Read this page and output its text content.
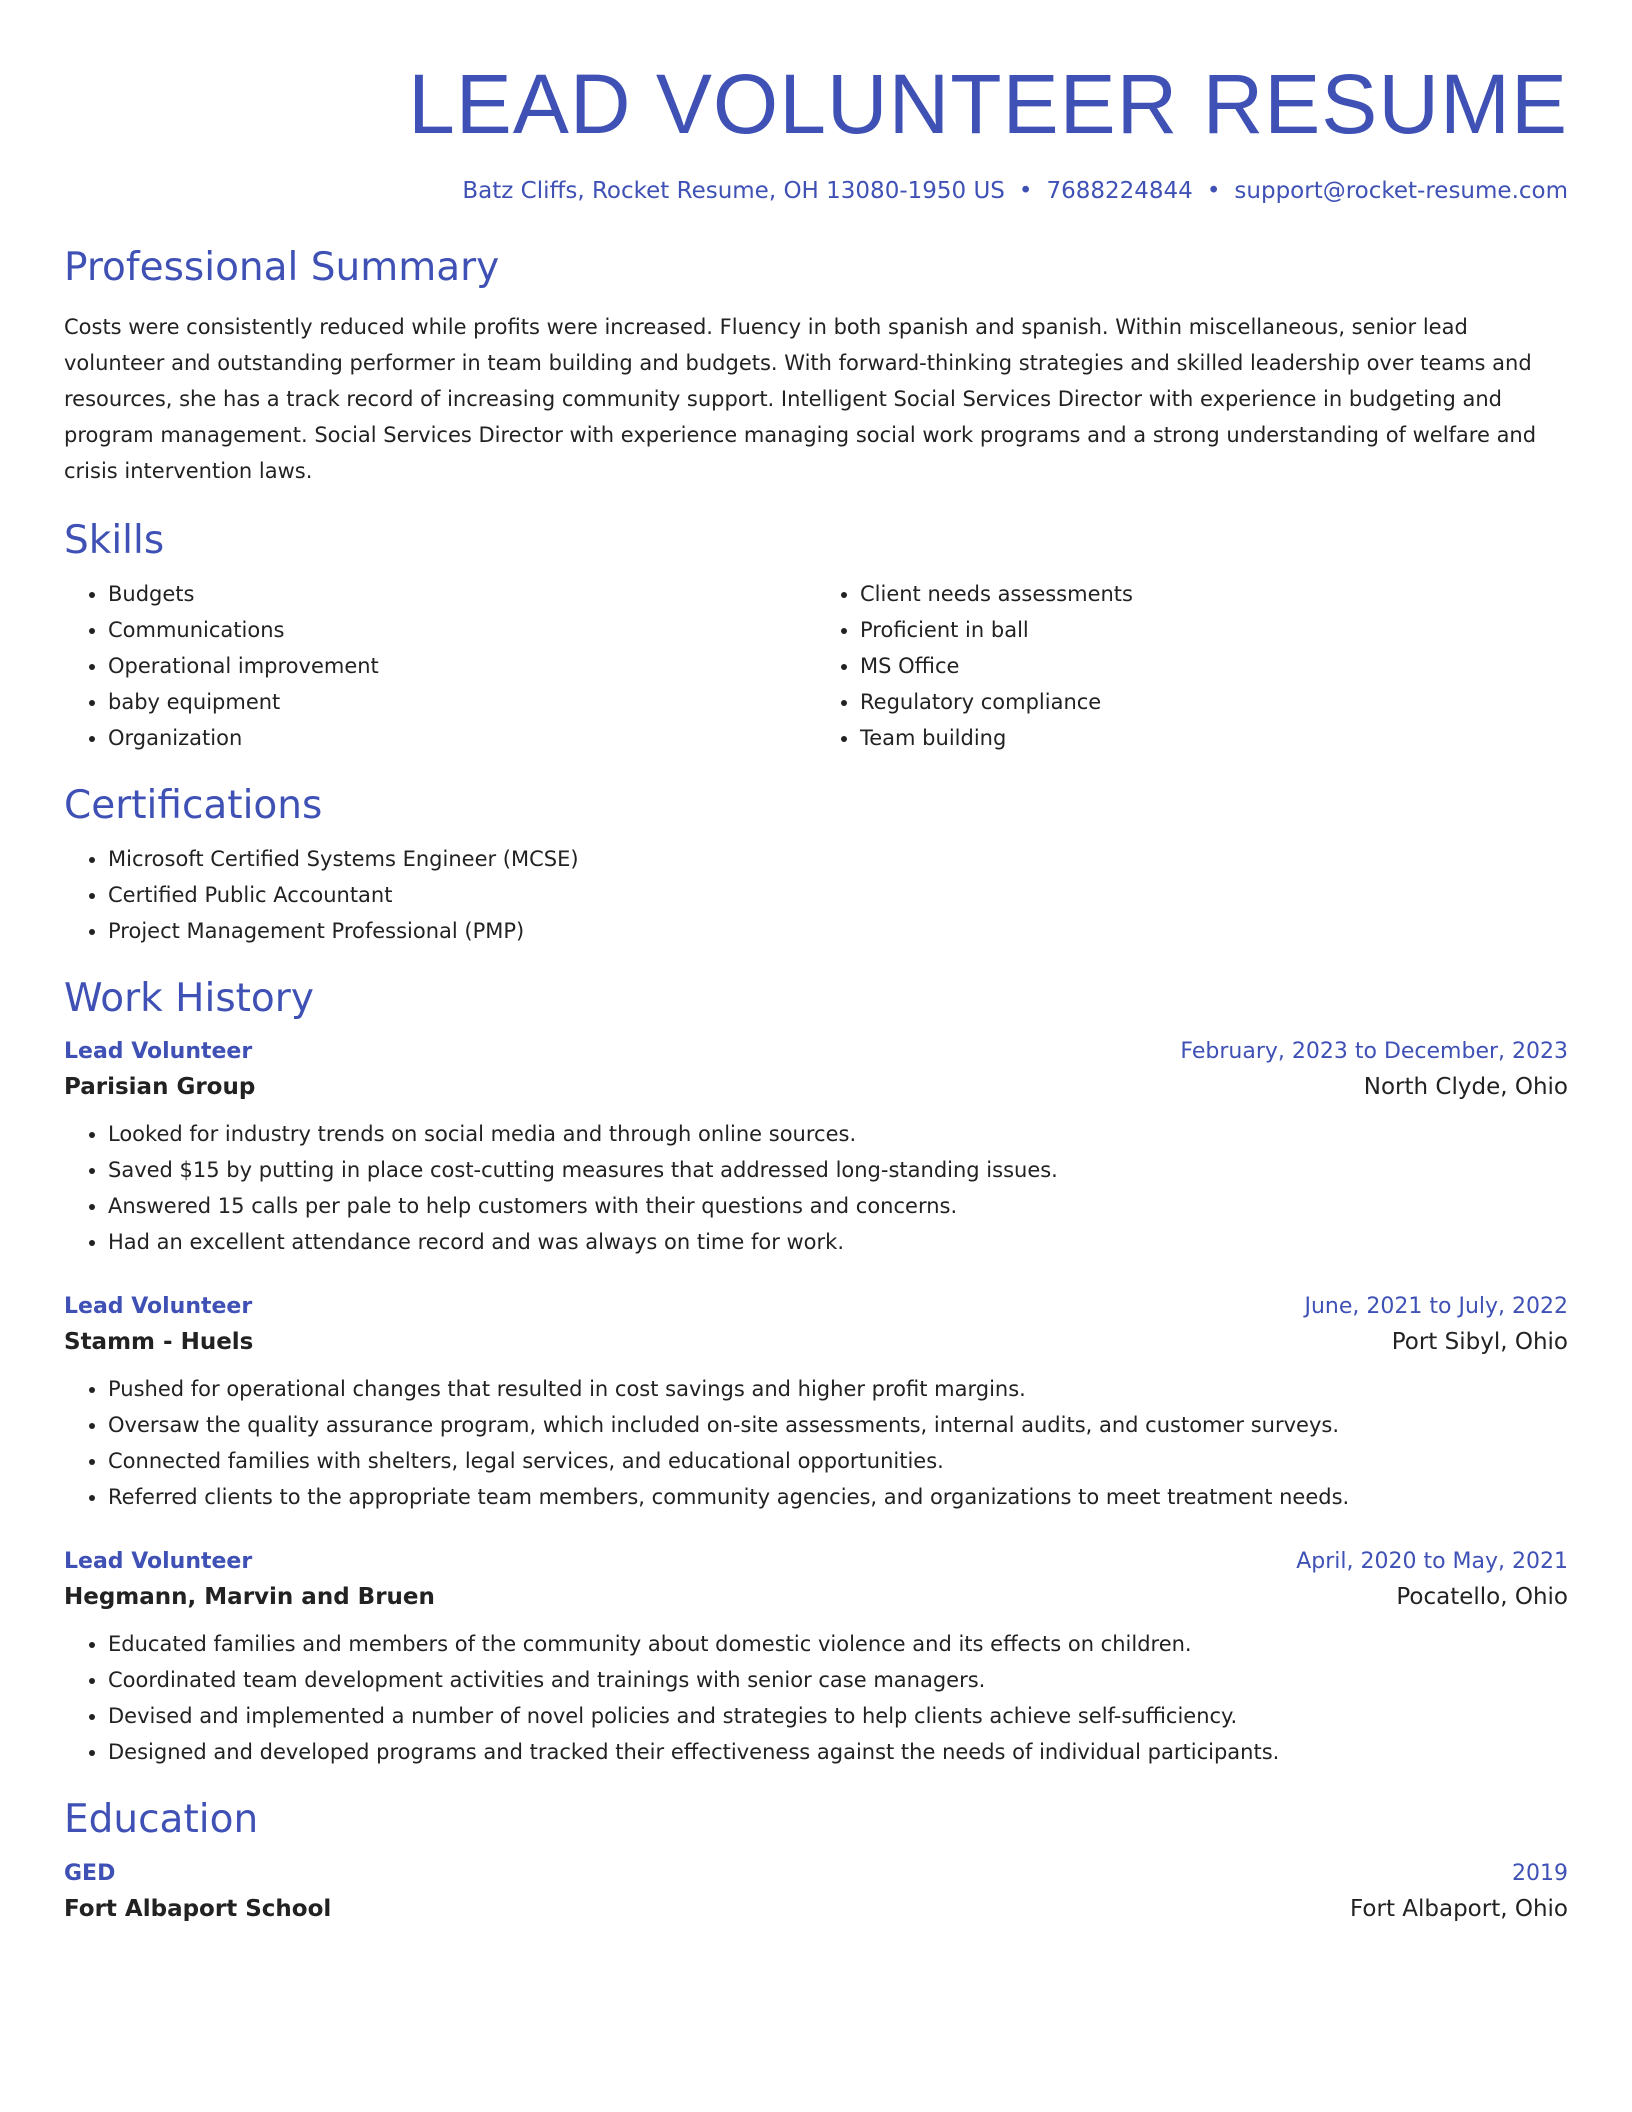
LEAD VOLUNTEER RESUME
Batz Cliffs, Rocket Resume, OH 13080-1950 US • 7688224844 • support@rocket-resume.com
Professional Summary

Costs were consistently reduced while profits were increased. Fluency in both spanish and spanish. Within miscellaneous, senior lead volunteer and outstanding performer in team building and budgets. With forward-thinking strategies and skilled leadership over teams and resources, she has a track record of increasing community support. Intelligent Social Services Director with experience in budgeting and program management. Social Services Director with experience managing social work programs and a strong understanding of welfare and crisis intervention laws.

Skills
• Budgets
• Communications
• Operational improvement
• baby equipment
• Organization
• Client needs assessments
• Proficient in ball
• MS Office
• Regulatory compliance
• Team building
Certifications
• Microsoft Certified Systems Engineer (MCSE)
• Certified Public Accountant
• Project Management Professional (PMP)
Work History
Lead Volunteer	February, 2023 to December, 2023
Parisian Group	North Clyde, Ohio
• Looked for industry trends on social media and through online sources.
• Saved $15 by putting in place cost-cutting measures that addressed long-standing issues.
• Answered 15 calls per pale to help customers with their questions and concerns.
• Had an excellent attendance record and was always on time for work.
Lead Volunteer	June, 2021 to July, 2022
Stamm - Huels	Port Sibyl, Ohio
• Pushed for operational changes that resulted in cost savings and higher profit margins.
• Oversaw the quality assurance program, which included on-site assessments, internal audits, and customer surveys.
• Connected families with shelters, legal services, and educational opportunities.
• Referred clients to the appropriate team members, community agencies, and organizations to meet treatment needs.
Lead Volunteer	April, 2020 to May, 2021
Hegmann, Marvin and Bruen	Pocatello, Ohio
• Educated families and members of the community about domestic violence and its effects on children.
• Coordinated team development activities and trainings with senior case managers.
• Devised and implemented a number of novel policies and strategies to help clients achieve self-sufficiency.
• Designed and developed programs and tracked their effectiveness against the needs of individual participants.
Education
GED	2019
Fort Albaport School	Fort Albaport, Ohio
